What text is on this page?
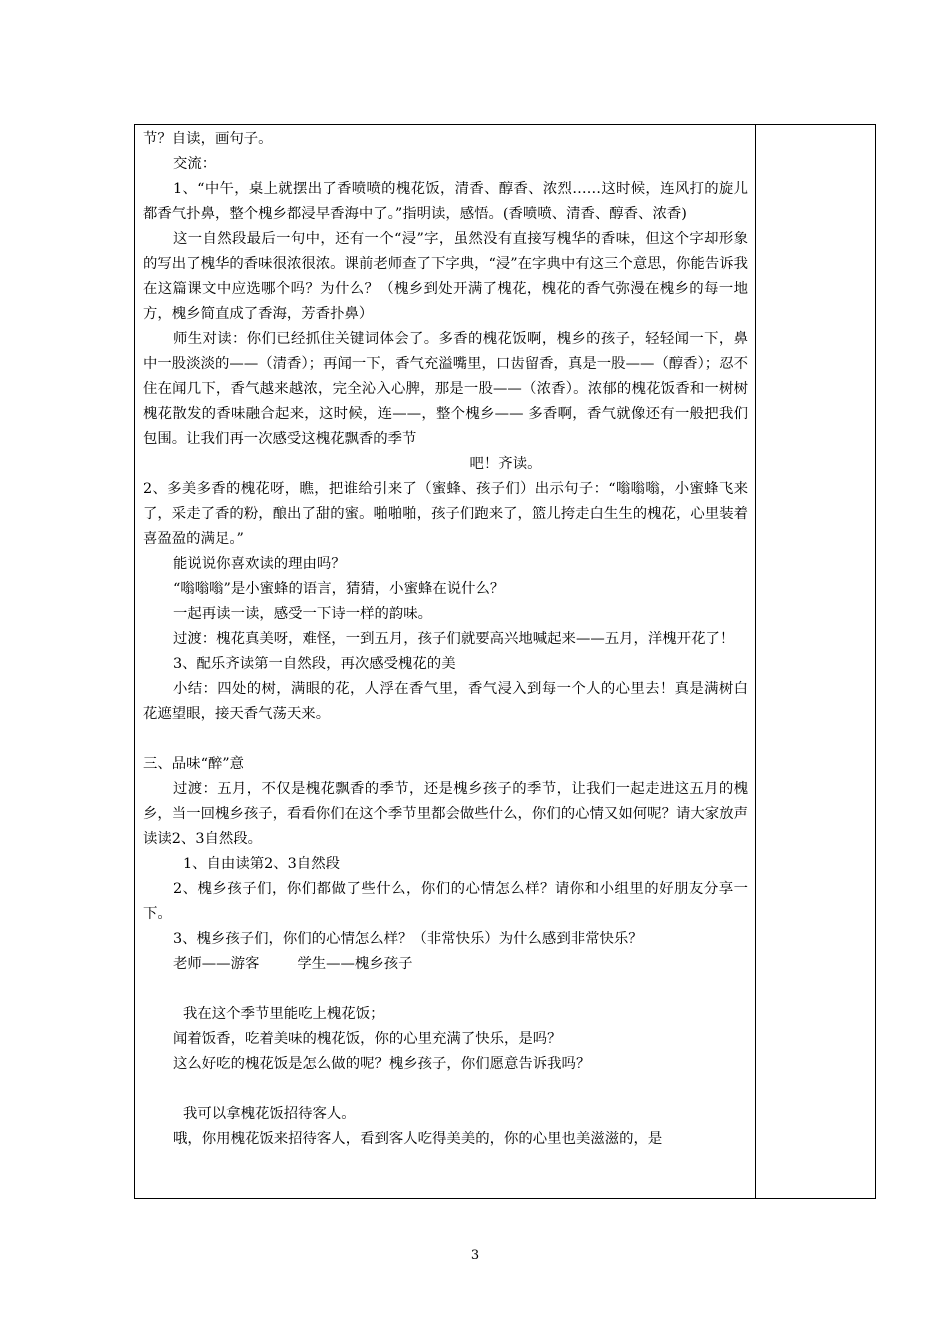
节？自读，画句子。

交流：

1、“中午，桌上就摆出了香喷喷的槐花饭，清香、醇香、浓烈……这时候，连风打的旋儿都香气扑鼻，整个槐乡都浸早香海中了。”指明读，感悟。(香喷喷、清香、醇香、浓香)

这一自然段最后一句中，还有一个“浸”字，虽然没有直接写槐华的香味，但这个字却形象的写出了槐华的香味很浓很浓。课前老师查了下字典，“浸”在字典中有这三个意思，你能告诉我在这篇课文中应选哪个吗？为什么？（槐乡到处开满了槐花，槐花的香气弥漫在槐乡的每一地方，槐乡简直成了香海，芳香扑鼻）

师生对读：你们已经抓住关键词体会了。多香的槐花饭啊，槐乡的孩子，轻轻闻一下，鼻中一股淡淡的——（清香）；再闻一下，香气充溢嘴里，口齿留香，真是一股——（醇香）；忍不住在闻几下，香气越来越浓，完全沁入心脾，那是一股——（浓香）。浓郁的槐花饭香和一树树槐花散发的香味融合起来，这时候，连——，整个槐乡—— 多香啊，香气就像还有一般把我们包围。让我们再一次感受这槐花飘香的季节

吧！齐读。

2、多美多香的槐花呀，瞧，把谁给引来了（蜜蜂、孩子们）出示句子：“嗡嗡嗡，小蜜蜂飞来了，采走了香的粉，酿出了甜的蜜。啪啪啪，孩子们跑来了，篮儿挎走白生生的槐花，心里装着喜盈盈的满足。”

能说说你喜欢读的理由吗？

“嗡嗡嗡”是小蜜蜂的语言，猜猜，小蜜蜂在说什么？

一起再读一读，感受一下诗一样的韵味。

过渡：槐花真美呀，难怪，一到五月，孩子们就要高兴地喊起来——五月，洋槐开花了！

3、配乐齐读第一自然段，再次感受槐花的美

小结：四处的树，满眼的花，人浮在香气里，香气浸入到每一个人的心里去！真是满树白花遮望眼，接天香气荡天来。

三、品味“醉”意

过渡：五月，不仅是槐花飘香的季节，还是槐乡孩子的季节，让我们一起走进这五月的槐乡，当一回槐乡孩子，看看你们在这个季节里都会做些什么，你们的心情又如何呢？请大家放声读读2、3自然段。

1、自由读第2、3自然段

2、槐乡孩子们，你们都做了些什么，你们的心情怎么样？请你和小组里的好朋友分享一下。

3、槐乡孩子们，你们的心情怎么样？（非常快乐）为什么感到非常快乐？

老师——游客	学生——槐乡孩子

我在这个季节里能吃上槐花饭；

闻着饭香，吃着美味的槐花饭，你的心里充满了快乐，是吗？

这么好吃的槐花饭是怎么做的呢？槐乡孩子，你们愿意告诉我吗？

我可以拿槐花饭招待客人。

哦，你用槐花饭来招待客人，看到客人吃得美美的，你的心里也美滋滋的，是

3
